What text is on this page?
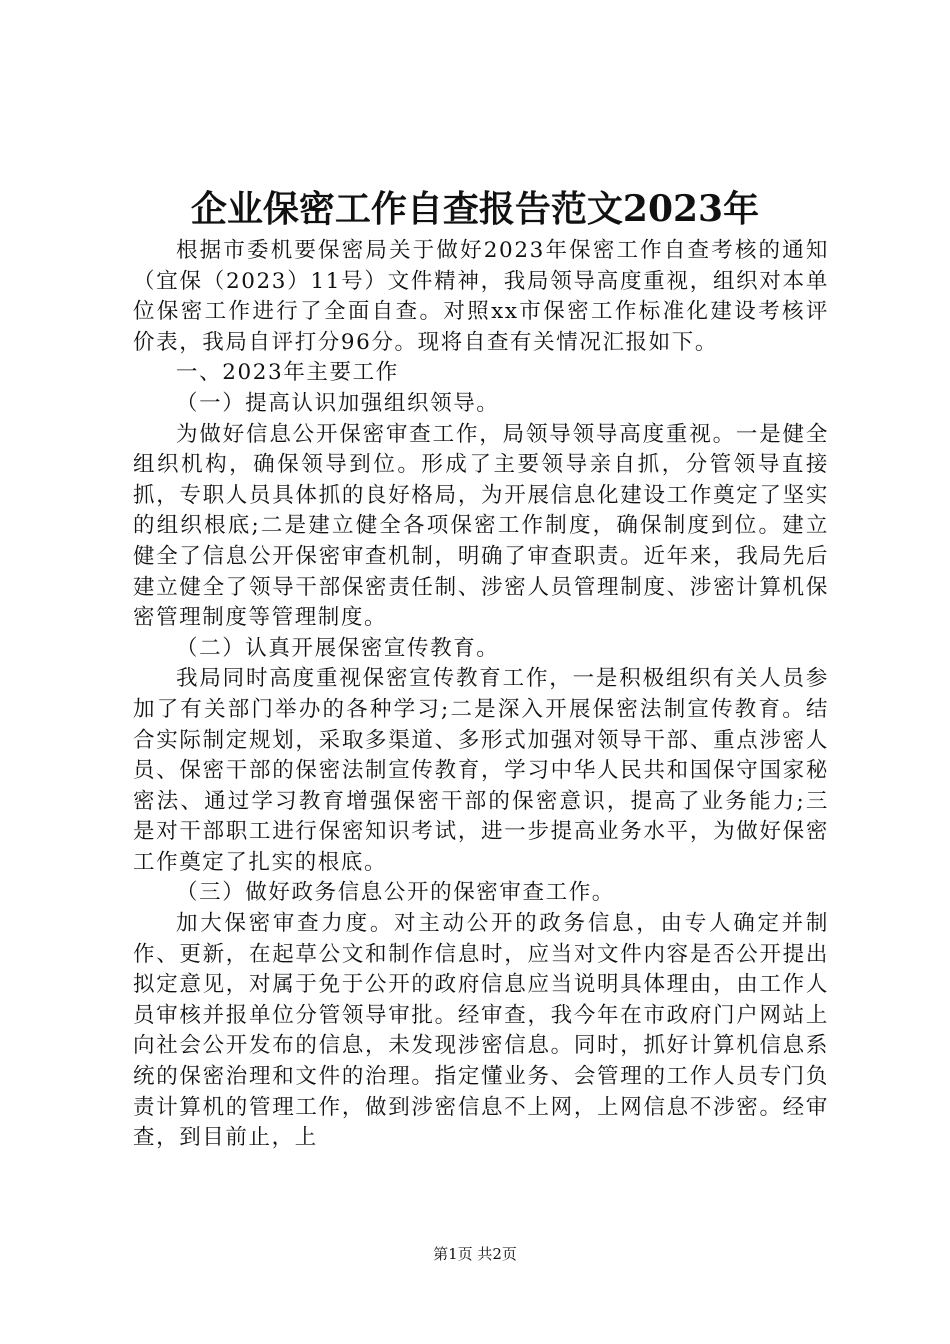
企业保密工作自查报告范文2023年

根据市委机要保密局关于做好2023年保密工作自查考核的通知（宜保（2023）11号）文件精神，我局领导高度重视，组织对本单位保密工作进行了全面自查。对照xx市保密工作标准化建设考核评价表，我局自评打分96分。现将自查有关情况汇报如下。

一、2023年主要工作

（一）提高认识加强组织领导。

为做好信息公开保密审查工作，局领导领导高度重视。一是健全组织机构，确保领导到位。形成了主要领导亲自抓，分管领导直接抓，专职人员具体抓的良好格局，为开展信息化建设工作奠定了坚实的组织根底;二是建立健全各项保密工作制度，确保制度到位。建立健全了信息公开保密审查机制，明确了审查职责。近年来，我局先后建立健全了领导干部保密责任制、涉密人员管理制度、涉密计算机保密管理制度等管理制度。

（二）认真开展保密宣传教育。

我局同时高度重视保密宣传教育工作，一是积极组织有关人员参加了有关部门举办的各种学习;二是深入开展保密法制宣传教育。结合实际制定规划，采取多渠道、多形式加强对领导干部、重点涉密人员、保密干部的保密法制宣传教育，学习中华人民共和国保守国家秘密法、通过学习教育增强保密干部的保密意识，提高了业务能力;三是对干部职工进行保密知识考试，进一步提高业务水平，为做好保密工作奠定了扎实的根底。

（三）做好政务信息公开的保密审查工作。

加大保密审查力度。对主动公开的政务信息，由专人确定并制作、更新，在起草公文和制作信息时，应当对文件内容是否公开提出拟定意见，对属于免于公开的政府信息应当说明具体理由，由工作人员审核并报单位分管领导审批。经审查，我今年在市政府门户网站上向社会公开发布的信息，未发现涉密信息。同时，抓好计算机信息系统的保密治理和文件的治理。指定懂业务、会管理的工作人员专门负责计算机的管理工作，做到涉密信息不上网，上网信息不涉密。经审查，到目前止，上

第1页 共2页
